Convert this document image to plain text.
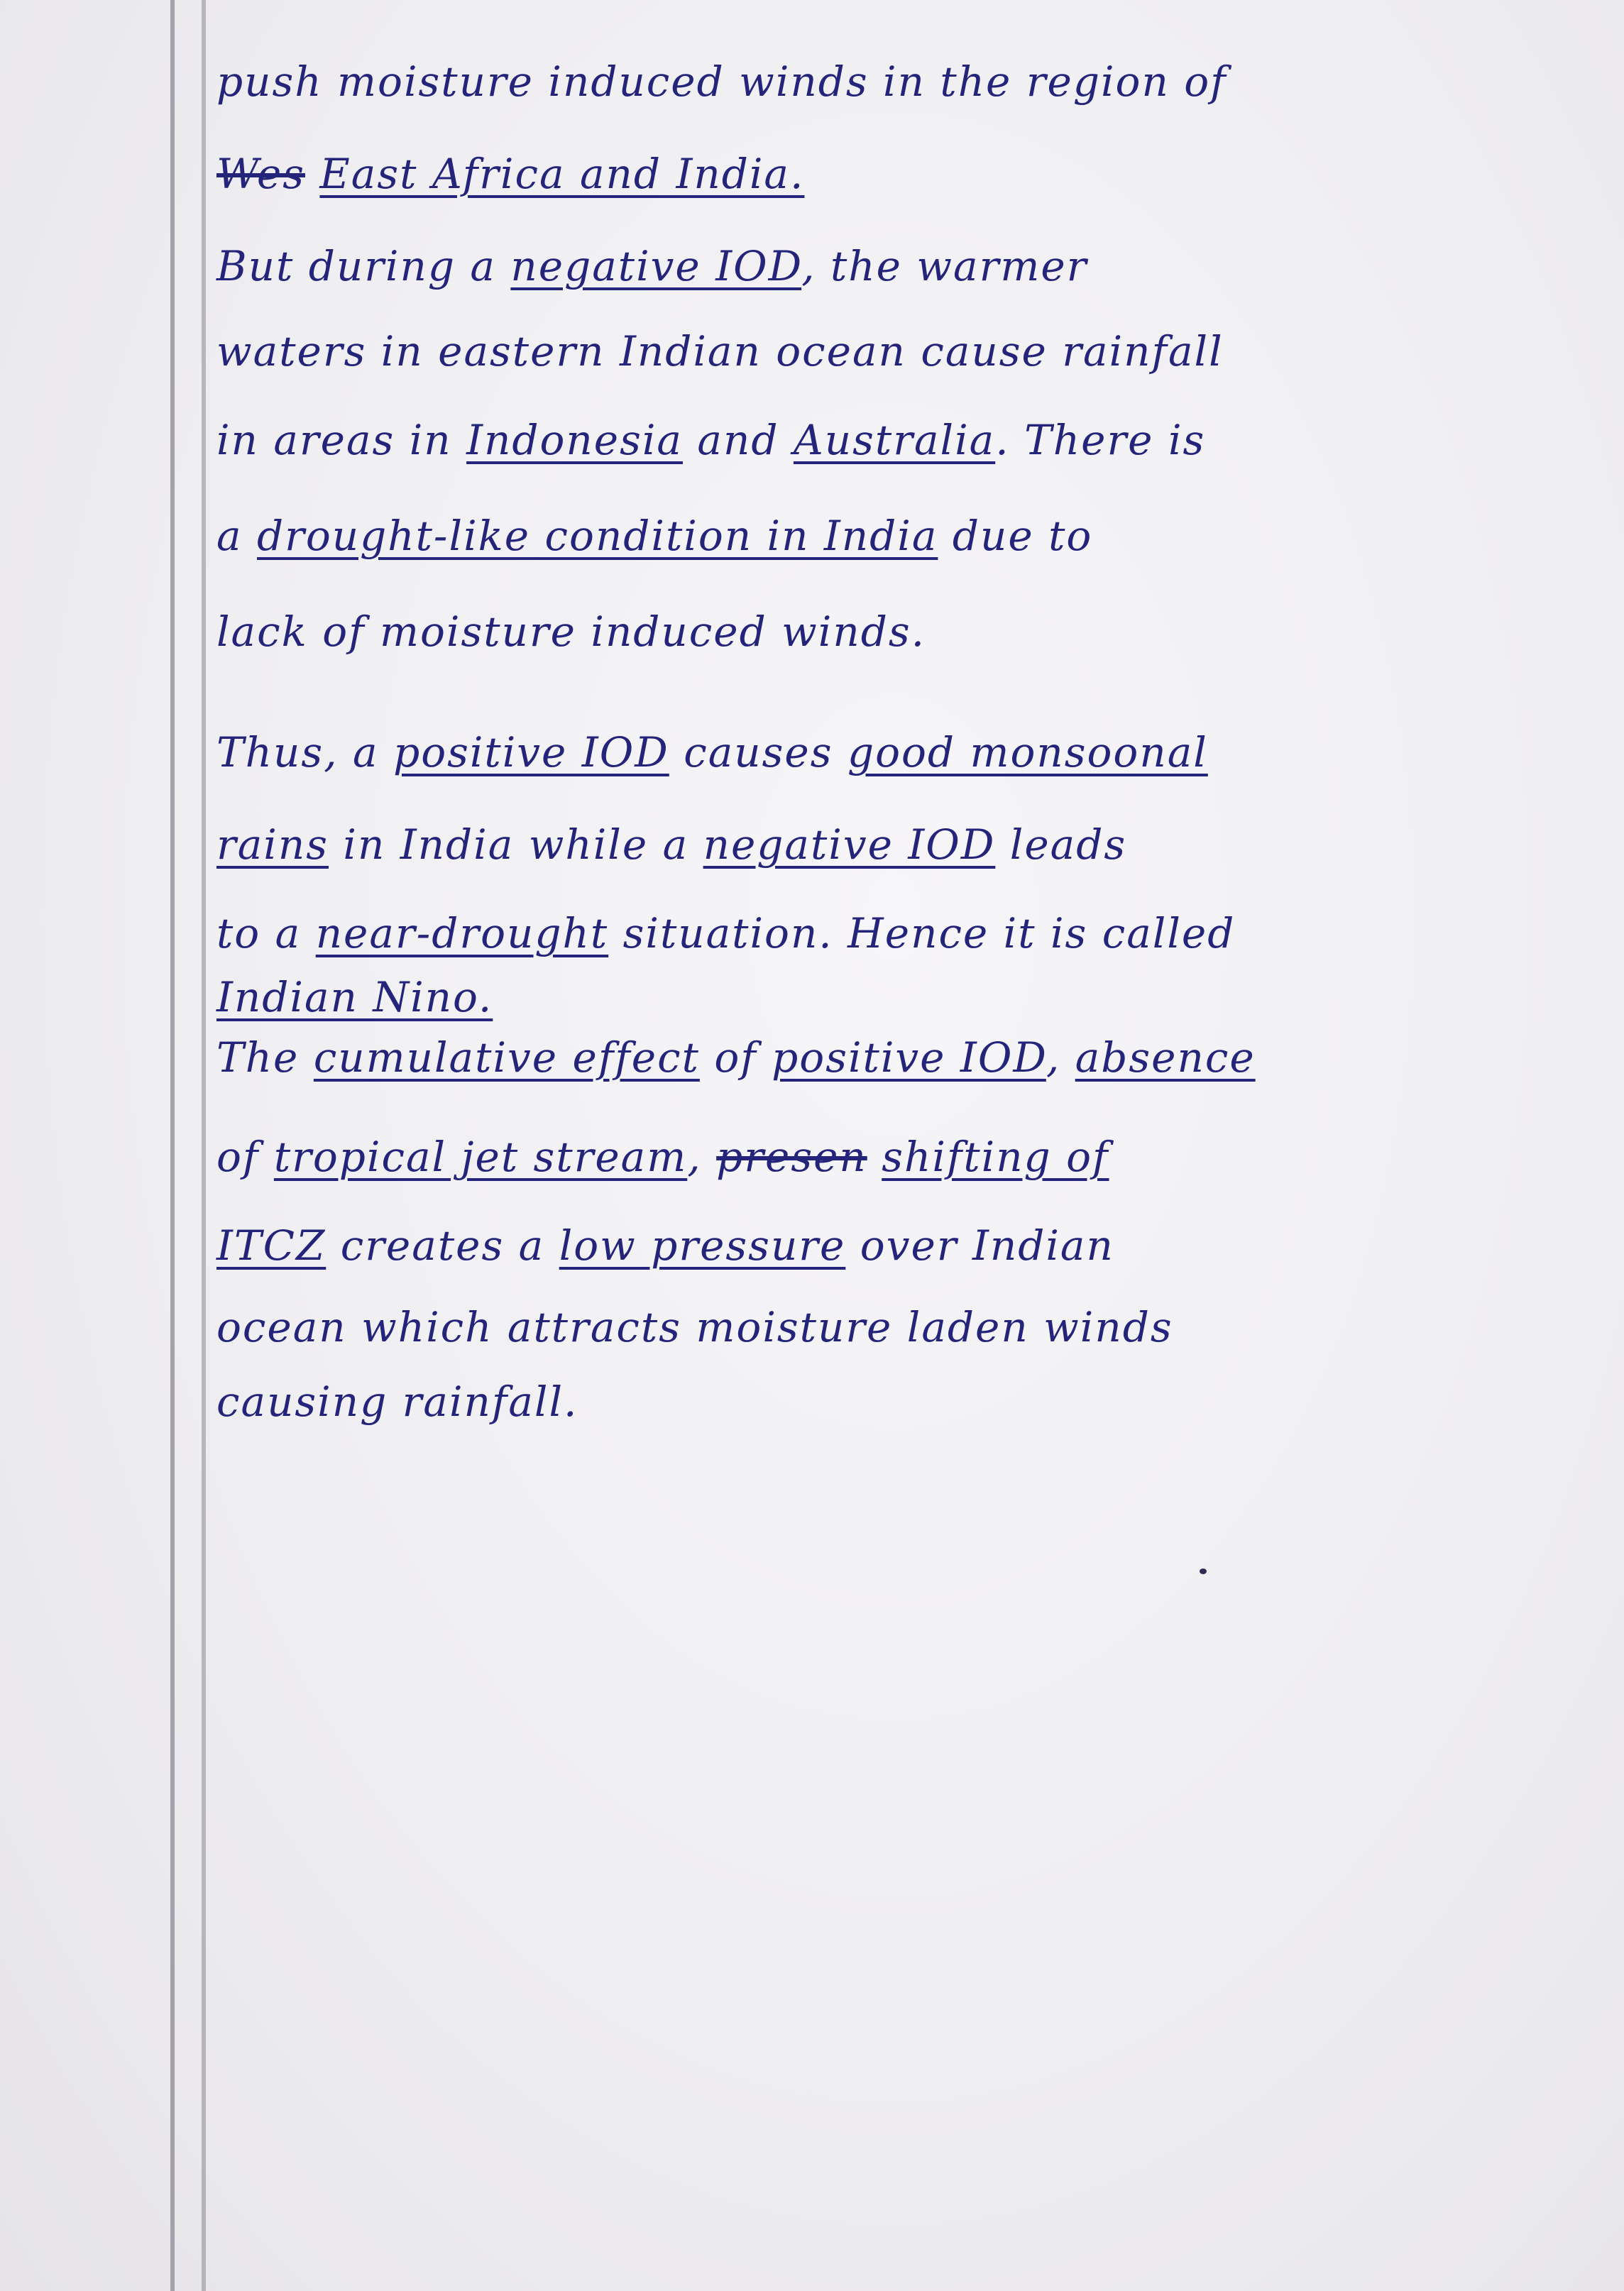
push moisture induced winds in the region of

Wes East Africa and India.

But during a negative IOD, the warmer

waters in eastern Indian ocean cause rainfall

in areas in Indonesia and Australia. There is

a drought-like condition in India due to

lack of moisture induced winds.

Thus, a positive IOD causes good monsoonal

rains in India while a negative IOD leads

to a near-drought situation. Hence it is called

Indian Nino.

The cumulative effect of positive IOD, absence

of tropical jet stream, presen shifting of

ITCZ creates a low pressure over Indian

ocean which attracts moisture laden winds

causing rainfall.
